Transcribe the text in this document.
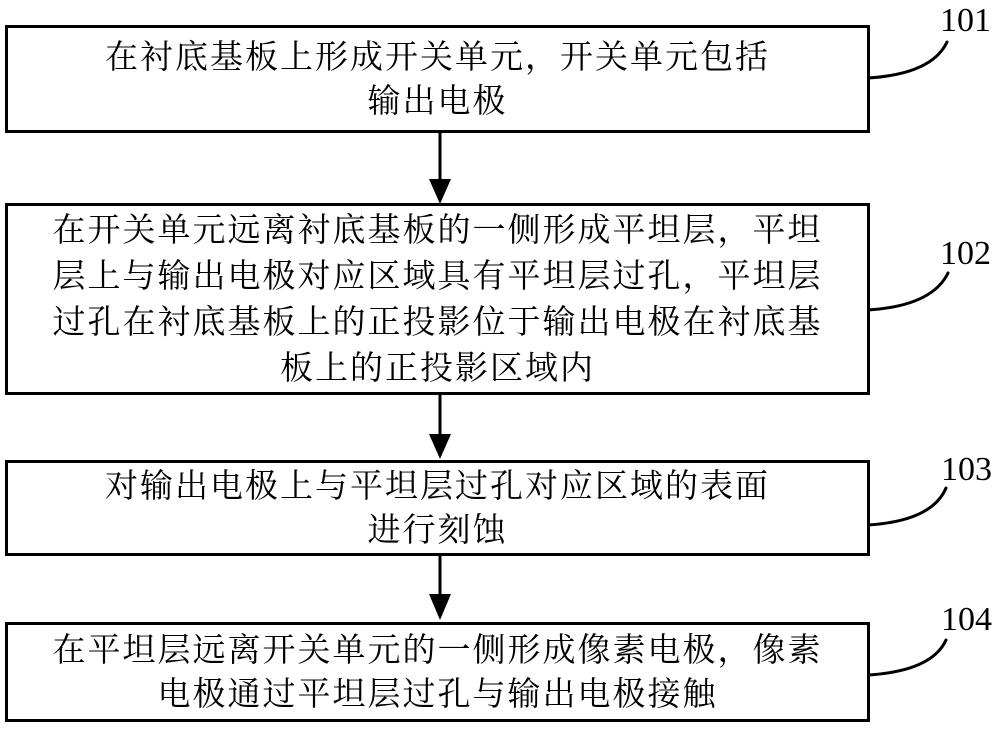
在衬底基板上形成开关单元，开关单元包括
输出电极
在开关单元远离衬底基板的一侧形成平坦层，平坦
层上与输出电极对应区域具有平坦层过孔，平坦层
过孔在衬底基板上的正投影位于输出电极在衬底基
板上的正投影区域内
对输出电极上与平坦层过孔对应区域的表面
进行刻蚀
在平坦层远离开关单元的一侧形成像素电极，像素
电极通过平坦层过孔与输出电极接触
101
102
103
104
